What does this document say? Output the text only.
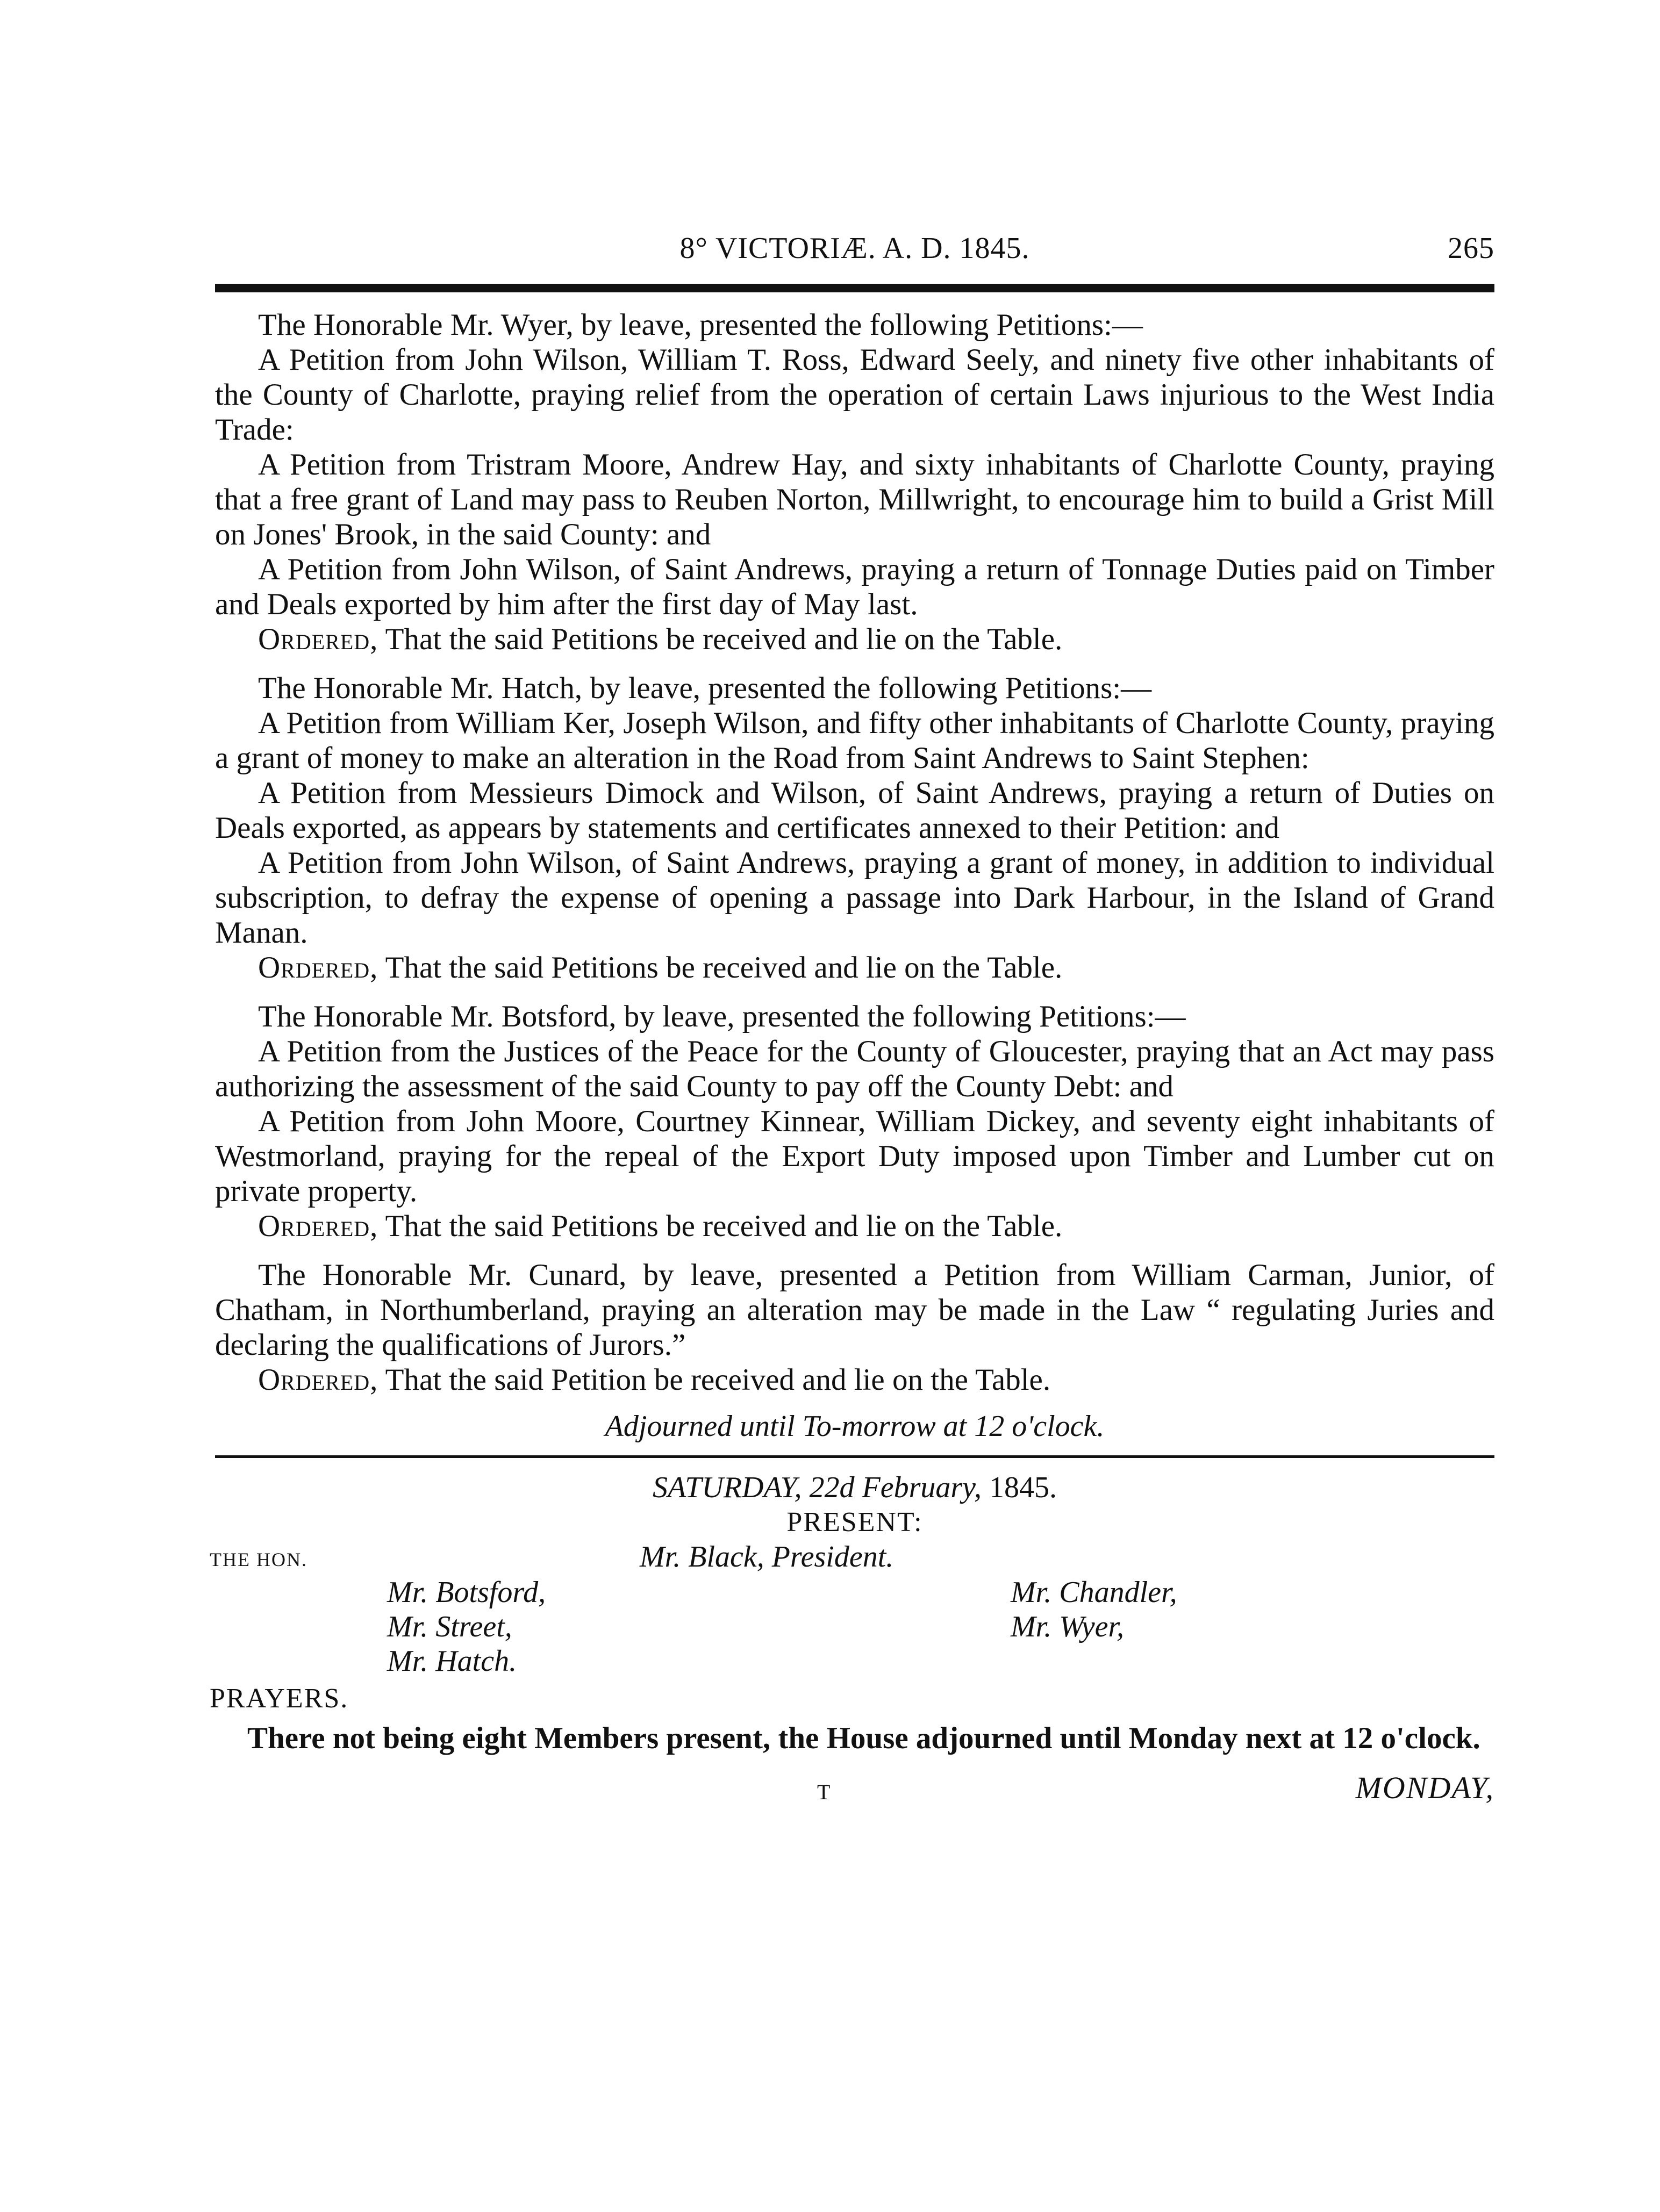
8° VICTORIÆ. A. D. 1845.	265

The Honorable Mr. Wyer, by leave, presented the following Petitions:—

A Petition from John Wilson, William T. Ross, Edward Seely, and ninety five other inhabitants of the County of Charlotte, praying relief from the operation of certain Laws injurious to the West India Trade:

A Petition from Tristram Moore, Andrew Hay, and sixty inhabitants of Charlotte County, praying that a free grant of Land may pass to Reuben Norton, Millwright, to encourage him to build a Grist Mill on Jones' Brook, in the said County: and

A Petition from John Wilson, of Saint Andrews, praying a return of Tonnage Duties paid on Timber and Deals exported by him after the first day of May last.

Ordered, That the said Petitions be received and lie on the Table.

The Honorable Mr. Hatch, by leave, presented the following Petitions:—

A Petition from William Ker, Joseph Wilson, and fifty other inhabitants of Charlotte County, praying a grant of money to make an alteration in the Road from Saint Andrews to Saint Stephen:

A Petition from Messieurs Dimock and Wilson, of Saint Andrews, praying a return of Duties on Deals exported, as appears by statements and certificates annexed to their Petition: and

A Petition from John Wilson, of Saint Andrews, praying a grant of money, in addition to individual subscription, to defray the expense of opening a passage into Dark Harbour, in the Island of Grand Manan.

Ordered, That the said Petitions be received and lie on the Table.

The Honorable Mr. Botsford, by leave, presented the following Petitions:—

A Petition from the Justices of the Peace for the County of Gloucester, praying that an Act may pass authorizing the assessment of the said County to pay off the County Debt: and

A Petition from John Moore, Courtney Kinnear, William Dickey, and seventy eight inhabitants of Westmorland, praying for the repeal of the Export Duty imposed upon Timber and Lumber cut on private property.

Ordered, That the said Petitions be received and lie on the Table.

The Honorable Mr. Cunard, by leave, presented a Petition from William Carman, Junior, of Chatham, in Northumberland, praying an alteration may be made in the Law “ regulating Juries and declaring the qualifications of Jurors.”

Ordered, That the said Petition be received and lie on the Table.

Adjourned until To-morrow at 12 o'clock.
SATURDAY, 22d February, 1845.
PRESENT:
THE HON.	Mr. Black, President.
Mr. Botsford,
Mr. Street,
Mr. Hatch.
Mr. Chandler,
Mr. Wyer,
PRAYERS.
There not being eight Members present, the House adjourned until Monday next at 12 o'clock.
T	MONDAY,
